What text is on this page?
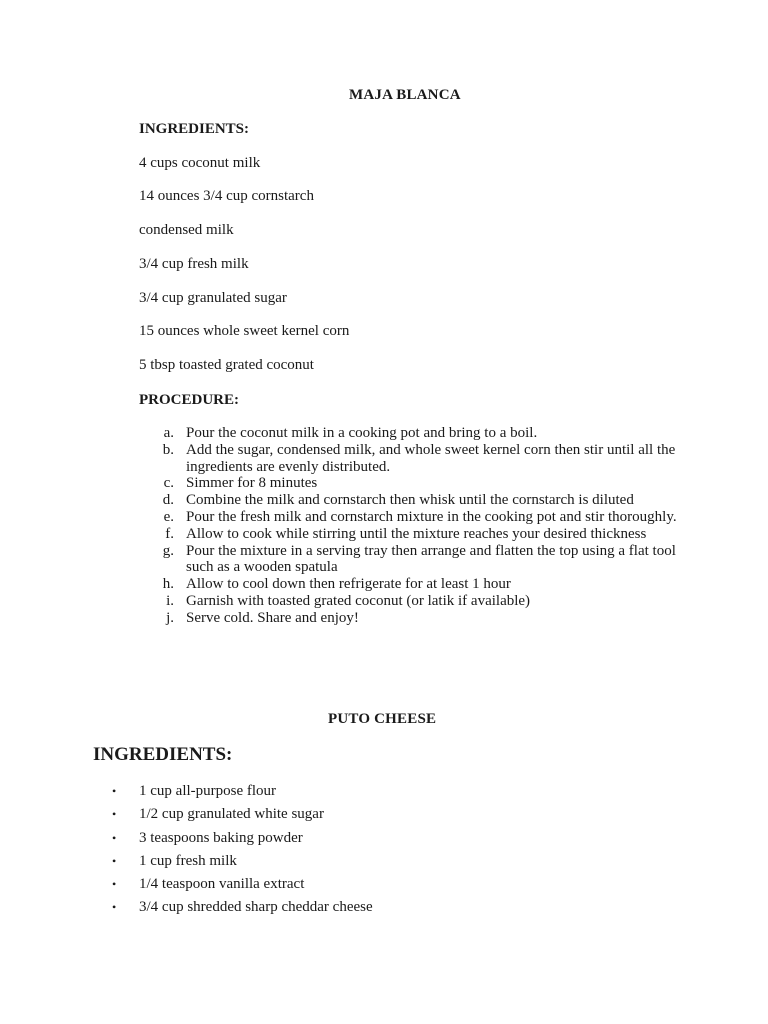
MAJA BLANCA
INGREDIENTS:
4 cups coconut milk
14 ounces 3/4 cup cornstarch
condensed milk
3/4 cup fresh milk
3/4 cup granulated sugar
15 ounces whole sweet kernel corn
5 tbsp toasted grated coconut
PROCEDURE:
a. Pour the coconut milk in a cooking pot and bring to a boil.
b. Add the sugar, condensed milk, and whole sweet kernel corn then stir until all the ingredients are evenly distributed.
c. Simmer for 8 minutes
d. Combine the milk and cornstarch then whisk until the cornstarch is diluted
e. Pour the fresh milk and cornstarch mixture in the cooking pot and stir thoroughly.
f. Allow to cook while stirring until the mixture reaches your desired thickness
g. Pour the mixture in a serving tray then arrange and flatten the top using a flat tool such as a wooden spatula
h. Allow to cool down then refrigerate for at least 1 hour
i. Garnish with toasted grated coconut (or latik if available)
j. Serve cold. Share and enjoy!
PUTO CHEESE
INGREDIENTS:
• 1 cup all-purpose flour
• 1/2 cup granulated white sugar
• 3 teaspoons baking powder
• 1 cup fresh milk
• 1/4 teaspoon vanilla extract
• 3/4 cup shredded sharp cheddar cheese
